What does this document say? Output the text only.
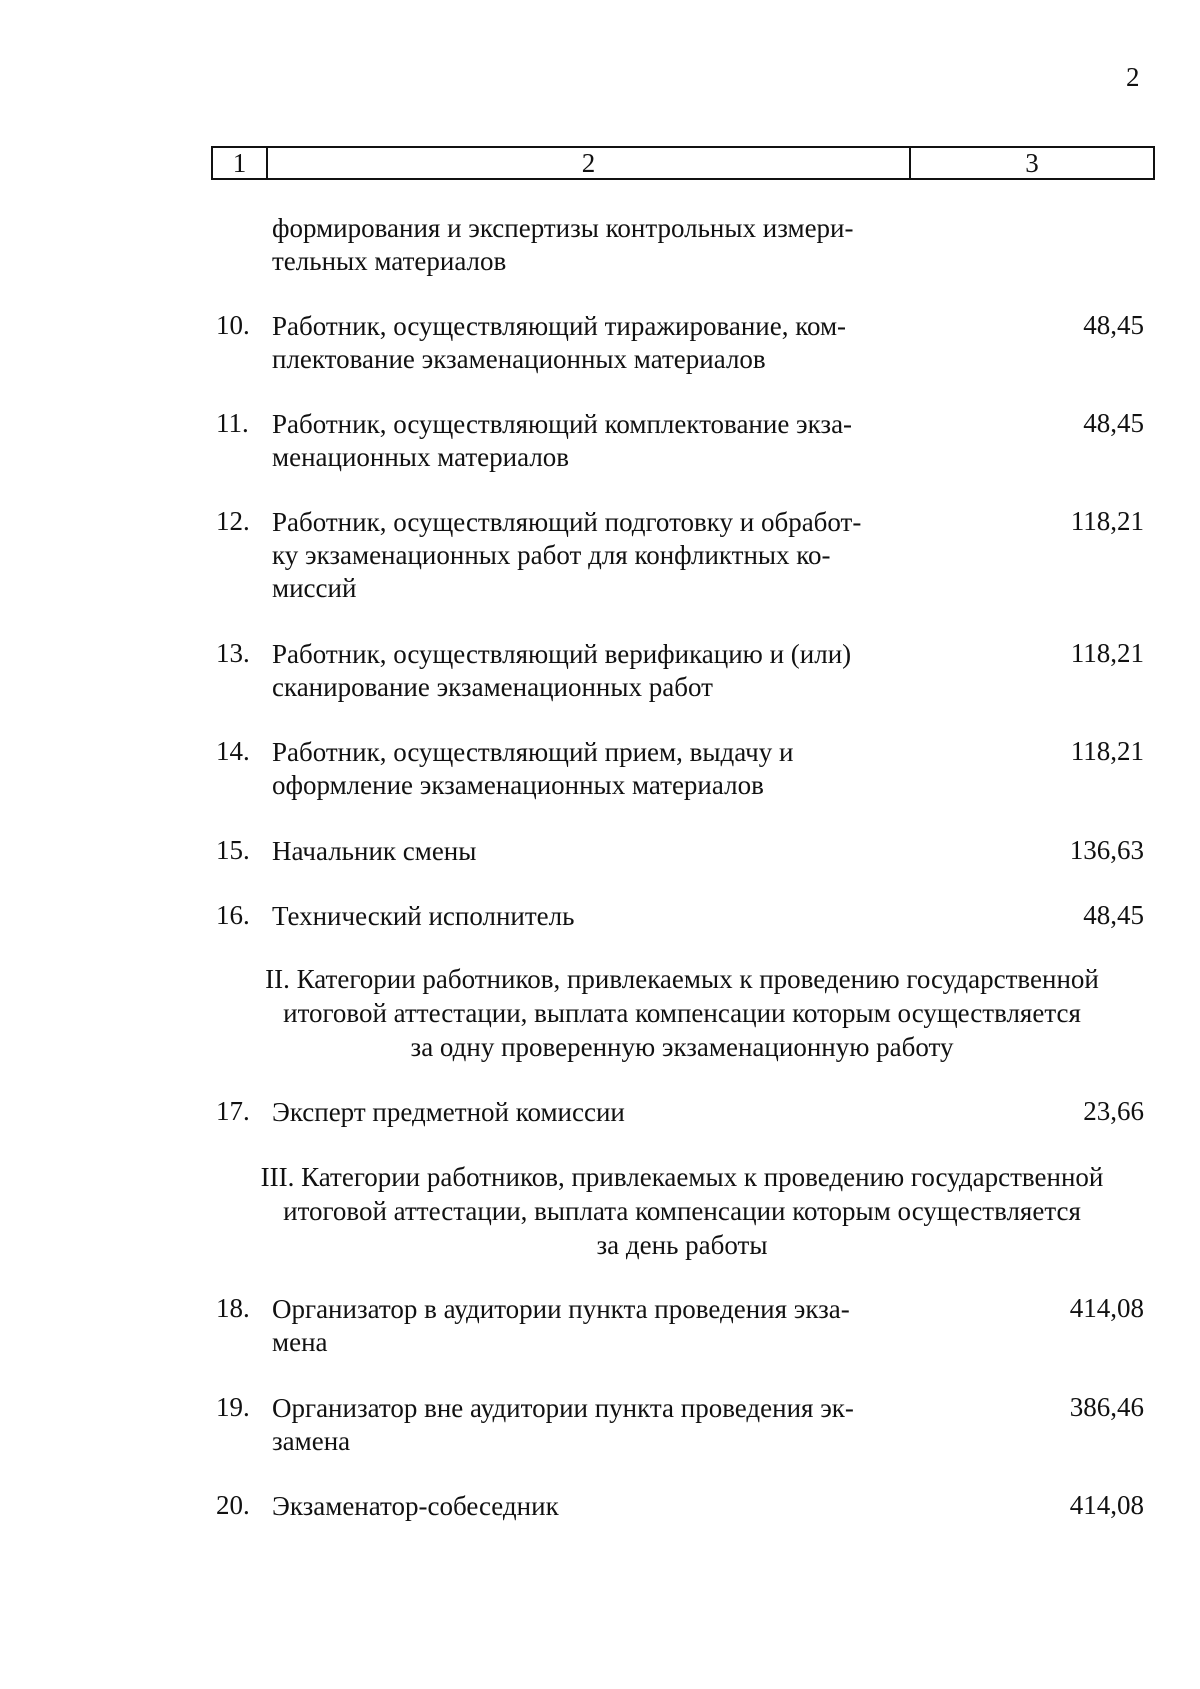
2
1	2	3
формирования и экспертизы контрольных измери-
тельных материалов
10. Работник, осуществляющий тиражирование, ком-
плектование экзаменационных материалов
48,45
11. Работник, осуществляющий комплектование экза-
менационных материалов
48,45
12. Работник, осуществляющий подготовку и обработ-
ку экзаменационных работ для конфликтных ко-
миссий
118,21
13. Работник, осуществляющий верификацию и (или)
сканирование экзаменационных работ
118,21
14. Работник, осуществляющий прием, выдачу и
оформление экзаменационных материалов
118,21
15. Начальник смены	136,63
16. Технический исполнитель	48,45
II. Категории работников, привлекаемых к проведению государственной
итоговой аттестации, выплата компенсации которым осуществляется
за одну проверенную экзаменационную работу
17. Эксперт предметной комиссии	23,66
III. Категории работников, привлекаемых к проведению государственной
итоговой аттестации, выплата компенсации которым осуществляется
за день работы
18. Организатор в аудитории пункта проведения экза-
мена
414,08
19. Организатор вне аудитории пункта проведения эк-
замена
386,46
20. Экзаменатор-собеседник	414,08
